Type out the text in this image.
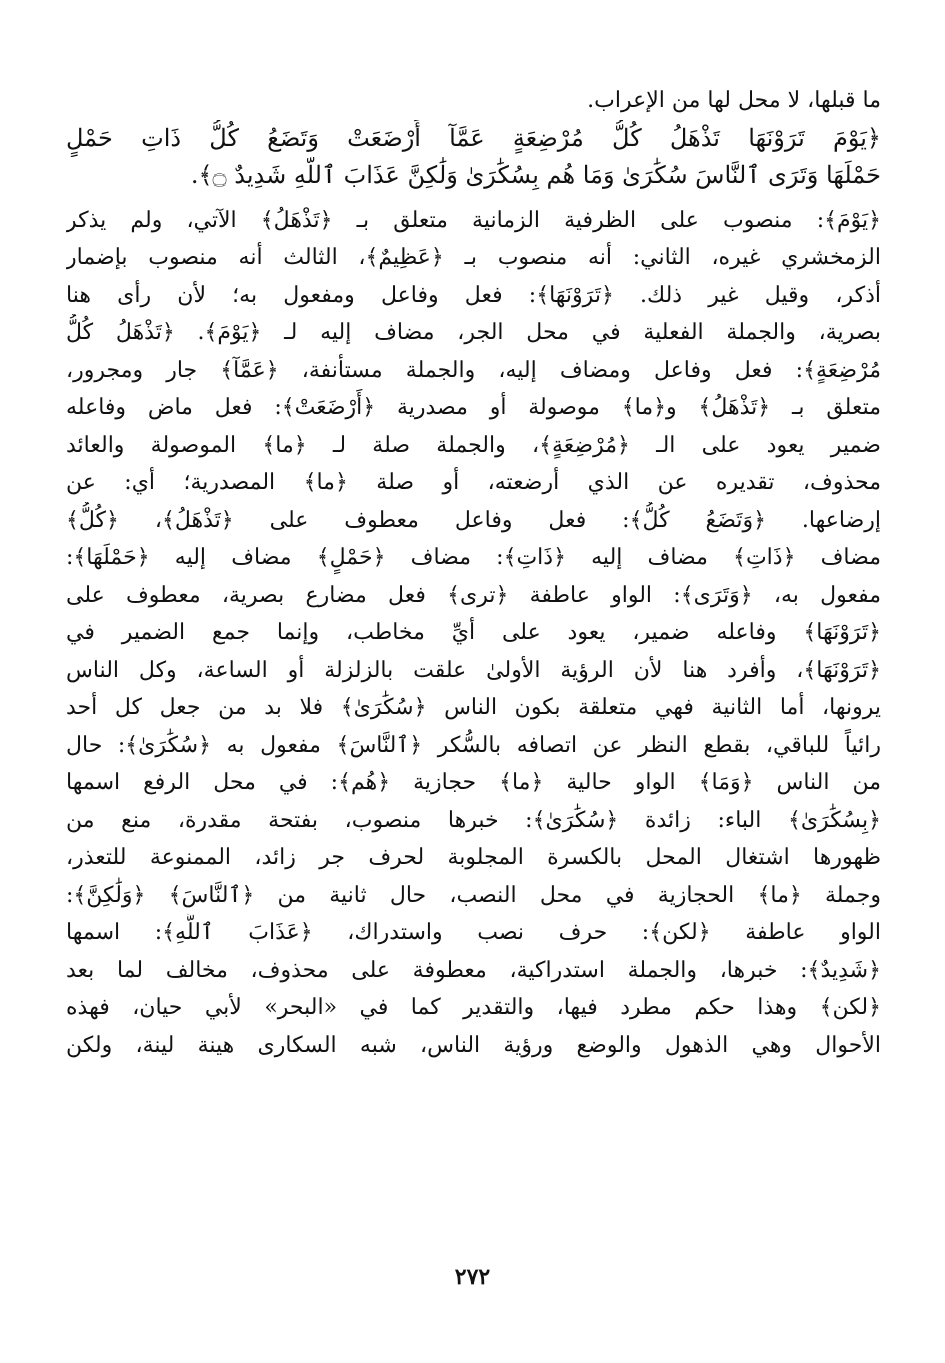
ما قبلها، لا محل لها من الإعراب.
﴿يَوْمَ تَرَوْنَهَا تَذْهَلُ كُلُّ مُرْضِعَةٍ عَمَّآ أَرْضَعَتْ وَتَضَعُ كُلُّ ذَاتِ حَمْلٍ
حَمْلَهَا وَتَرَى ٱلنَّاسَ سُكَٰرَىٰ وَمَا هُم بِسُكَٰرَىٰ وَلَٰكِنَّ عَذَابَ ٱللَّهِ شَدِيدٌ ۝﴾.
﴿يَوْمَ﴾: منصوب على الظرفية الزمانية متعلق بـ ﴿تَذْهَلُ﴾ الآتي، ولم يذكر
الزمخشري غيره، الثاني: أنه منصوب بـ ﴿عَظِيمٌ﴾، الثالث أنه منصوب بإضمار
أذكر، وقيل غير ذلك. ﴿تَرَوْنَهَا﴾: فعل وفاعل ومفعول به؛ لأن رأى هنا
بصرية، والجملة الفعلية في محل الجر، مضاف إليه لـ ﴿يَوْمَ﴾. ﴿تَذْهَلُ كُلُّ
مُرْضِعَةٍ﴾: فعل وفاعل ومضاف إليه، والجملة مستأنفة، ﴿عَمَّآ﴾ جار ومجرور،
متعلق بـ ﴿تَذْهَلُ﴾ و﴿ما﴾ موصولة أو مصدرية ﴿أَرْضَعَتْ﴾: فعل ماض وفاعله
ضمير يعود على الـ ﴿مُرْضِعَةٍ﴾، والجملة صلة لـ ﴿ما﴾ الموصولة والعائد
محذوف، تقديره عن الذي أرضعته، أو صلة ﴿ما﴾ المصدرية؛ أي: عن
إرضاعها. ﴿وَتَضَعُ كُلُّ﴾: فعل وفاعل معطوف على ﴿تَذْهَلُ﴾، ﴿كُلُّ﴾
مضاف ﴿ذَاتِ﴾ مضاف إليه ﴿ذَاتِ﴾: مضاف ﴿حَمْلٍ﴾ مضاف إليه ﴿حَمْلَهَا﴾:
مفعول به، ﴿وَتَرَى﴾: الواو عاطفة ﴿ترى﴾ فعل مضارع بصرية، معطوف على
﴿تَرَوْنَهَا﴾ وفاعله ضمير، يعود على أيِّ مخاطب، وإنما جمع الضمير في
﴿تَرَوْنَهَا﴾، وأفرد هنا لأن الرؤية الأولىٰ علقت بالزلزلة أو الساعة، وكل الناس
يرونها، أما الثانية فهي متعلقة بكون الناس ﴿سُكَٰرَىٰ﴾ فلا بد من جعل كل أحد
رائياً للباقي، بقطع النظر عن اتصافه بالسُّكر ﴿ٱلنَّاسَ﴾ مفعول به ﴿سُكَٰرَىٰ﴾: حال
من الناس ﴿وَمَا﴾ الواو حالية ﴿ما﴾ حجازية ﴿هُم﴾: في محل الرفع اسمها
﴿بِسُكَٰرَىٰ﴾ الباء: زائدة ﴿سُكَٰرَىٰ﴾: خبرها منصوب، بفتحة مقدرة، منع من
ظهورها اشتغال المحل بالكسرة المجلوبة لحرف جر زائد، الممنوعة للتعذر،
وجملة ﴿ما﴾ الحجازية في محل النصب، حال ثانية من ﴿ٱلنَّاسَ﴾ ﴿وَلَٰكِنَّ﴾:
الواو عاطفة ﴿لكن﴾: حرف نصب واستدراك، ﴿عَذَابَ ٱللَّهِ﴾: اسمها
﴿شَدِيدٌ﴾: خبرها، والجملة استدراكية، معطوفة على محذوف، مخالف لما بعد
﴿لكن﴾ وهذا حكم مطرد فيها، والتقدير كما في «البحر» لأبي حيان، فهذه
الأحوال وهي الذهول والوضع ورؤية الناس، شبه السكارى هينة لينة، ولكن
٢٧٢
